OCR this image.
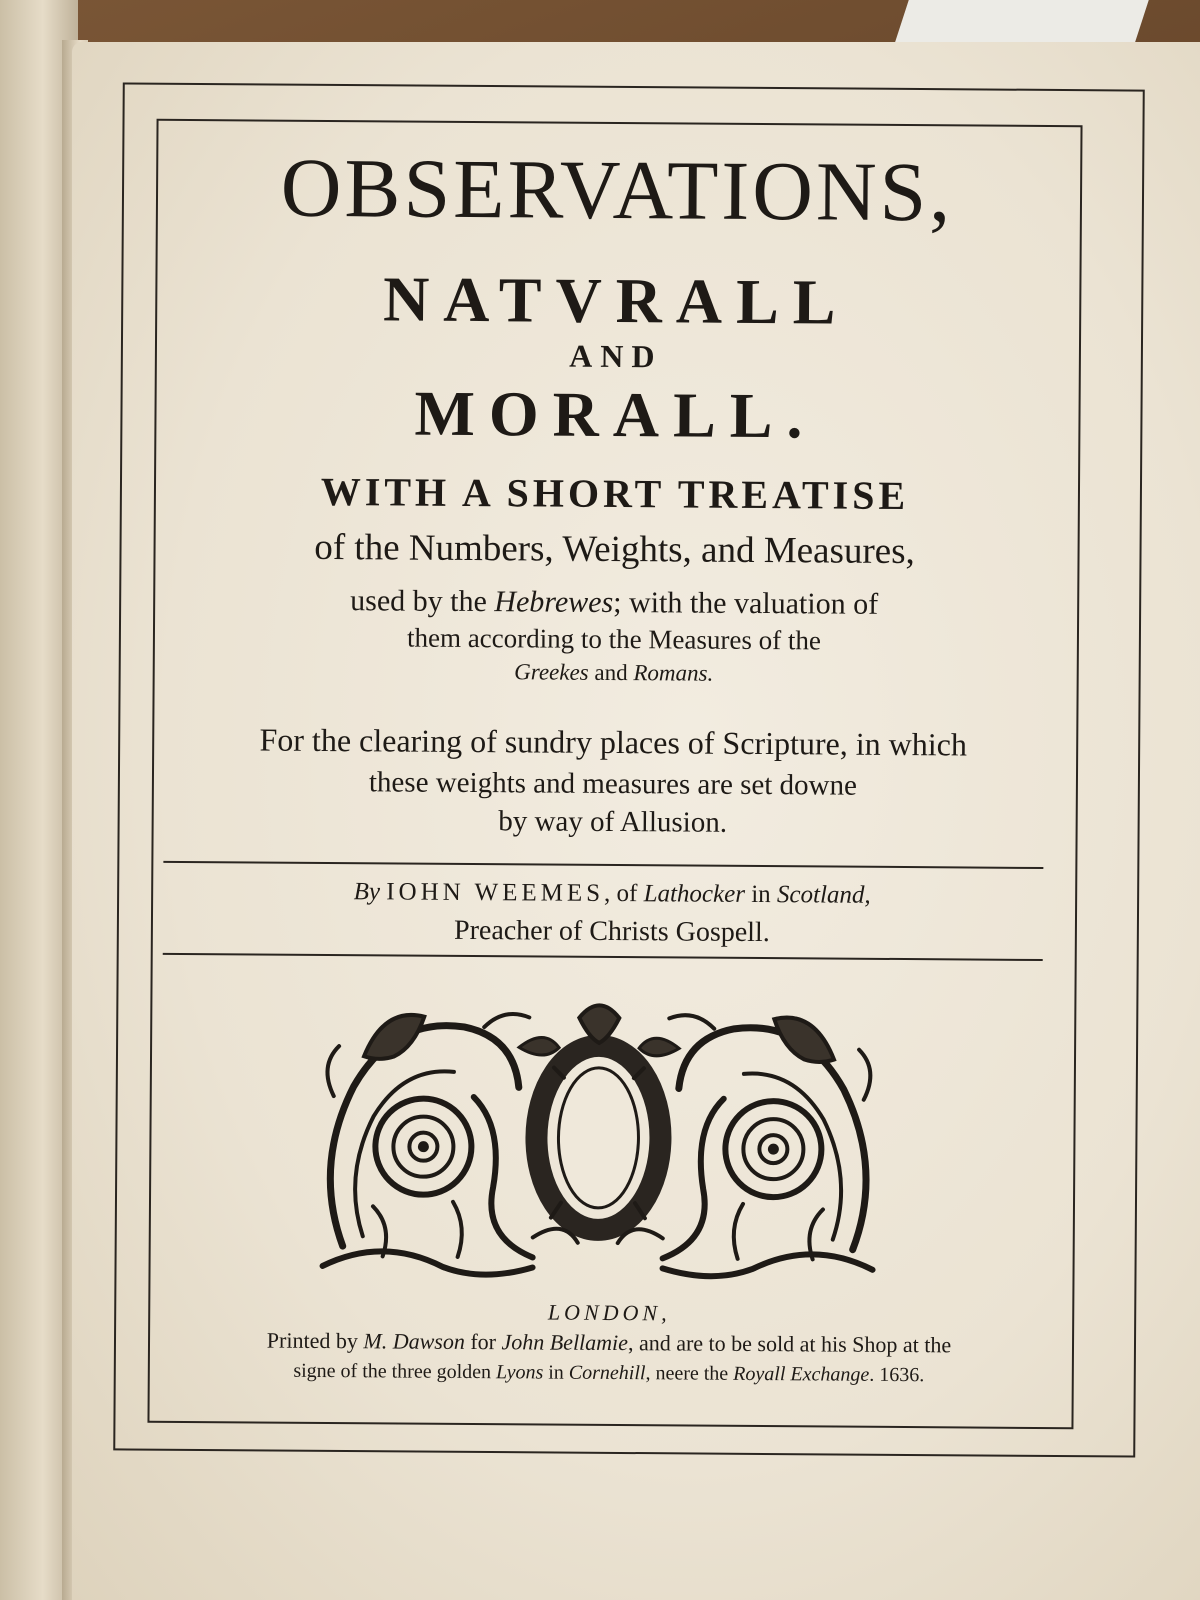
OBSERVATIONS,
NATVRALL
AND
MORALL.
WITH A SHORT TREATISE
of the Numbers, Weights, and Measures,
used by the Hebrewes; with the valuation of
them according to the Measures of the
Greekes and Romans.
For the clearing of sundry places of Scripture, in which
these weights and measures are set downe
by way of Allusion.
By IOHN WEEMES, of Lathocker in Scotland,
Preacher of Christs Gospell.
LONDON,
Printed by M. Dawson for John Bellamie, and are to be sold at his Shop at the
signe of the three golden Lyons in Cornehill, neere the Royall Exchange. 1636.
